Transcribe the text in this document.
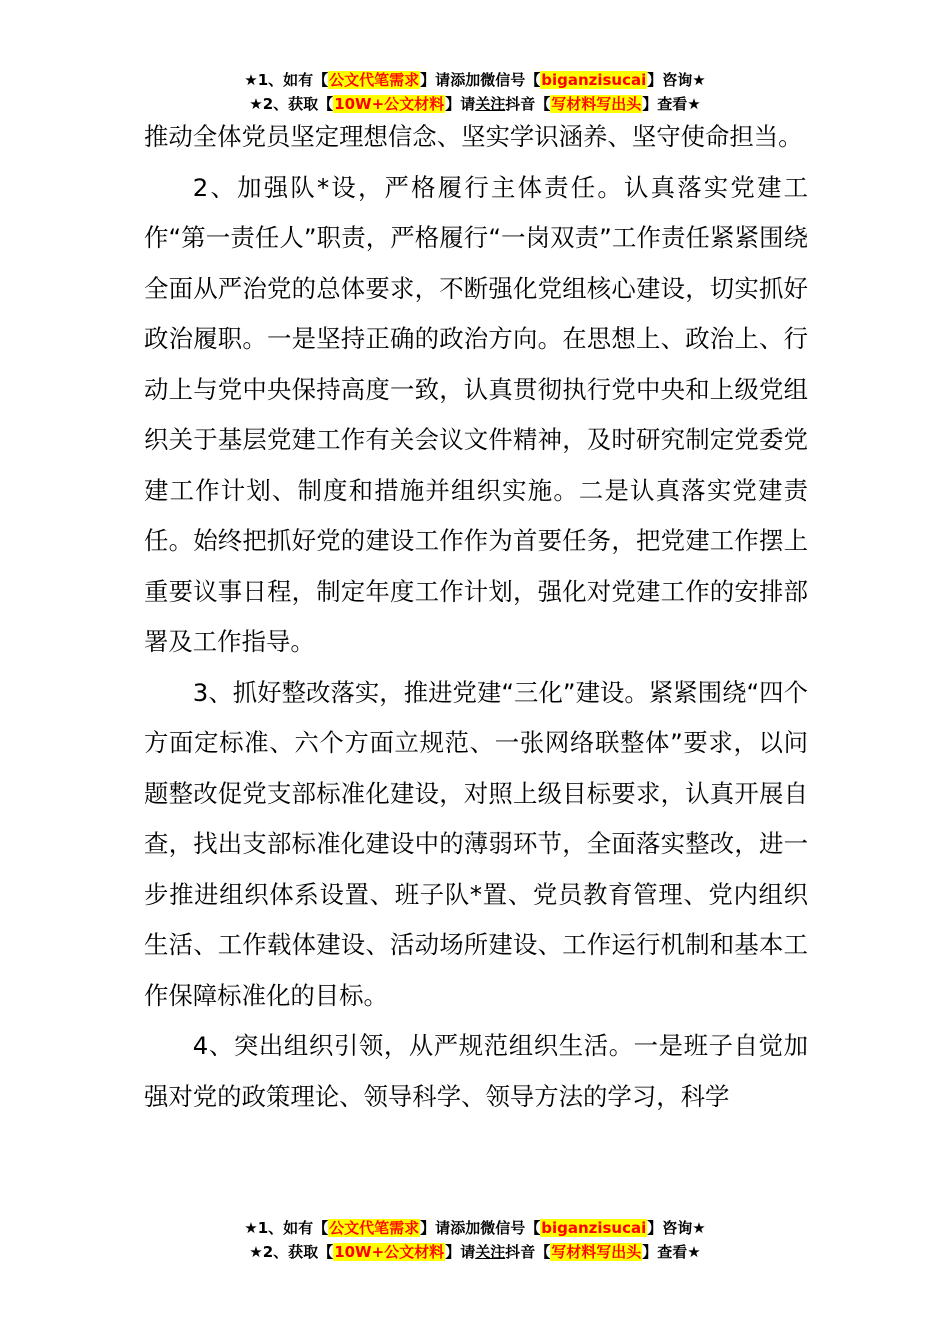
★1、如有【公文代笔需求】请添加微信号【biganzisucai】咨询★
★2、获取【10W+公文材料】请关注抖音【写材料写出头】查看★

推动全体党员坚定理想信念、坚实学识涵养、坚守使命担当。

2、加强队*设，严格履行主体责任。认真落实党建工作“第一责任人”职责，严格履行“一岗双责”工作责任紧紧围绕全面从严治党的总体要求，不断强化党组核心建设，切实抓好政治履职。一是坚持正确的政治方向。在思想上、政治上、行动上与党中央保持高度一致，认真贯彻执行党中央和上级党组织关于基层党建工作有关会议文件精神，及时研究制定党委党建工作计划、制度和措施并组织实施。二是认真落实党建责任。始终把抓好党的建设工作作为首要任务，把党建工作摆上重要议事日程，制定年度工作计划，强化对党建工作的安排部署及工作指导。

3、抓好整改落实，推进党建“三化”建设。紧紧围绕“四个方面定标准、六个方面立规范、一张网络联整体”要求，以问题整改促党支部标准化建设，对照上级目标要求，认真开展自查，找出支部标准化建设中的薄弱环节，全面落实整改，进一步推进组织体系设置、班子队*置、党员教育管理、党内组织生活、工作载体建设、活动场所建设、工作运行机制和基本工作保障标准化的目标。

4、突出组织引领，从严规范组织生活。一是班子自觉加强对党的政策理论、领导科学、领导方法的学习，科学

★1、如有【公文代笔需求】请添加微信号【biganzisucai】咨询★
★2、获取【10W+公文材料】请关注抖音【写材料写出头】查看★
